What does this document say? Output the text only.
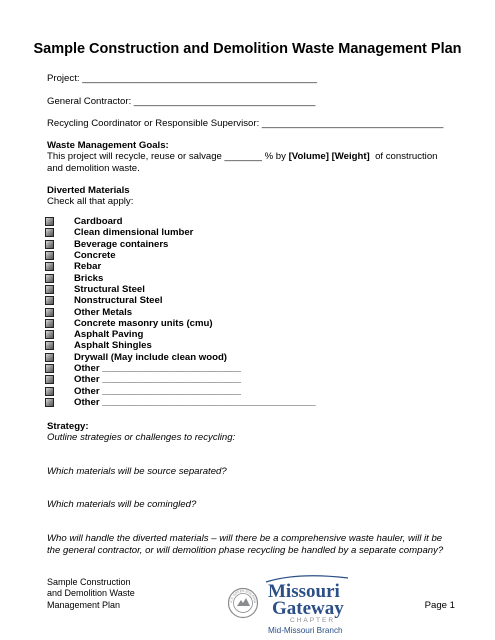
Sample Construction and Demolition Waste Management Plan
Project: ____________________________________________
General Contractor: __________________________________
Recycling Coordinator or Responsible Supervisor: __________________________________
Waste Management Goals:
This project will recycle, reuse or salvage _______ % by [Volume] [Weight]  of construction
and demolition waste.
Diverted Materials
Check all that apply:
Cardboard
Clean dimensional lumber
Beverage containers
Concrete
Rebar
Bricks
Structural Steel
Nonstructural Steel
Other Metals
Concrete masonry units (cmu)
Asphalt Paving
Asphalt Shingles
Drywall (May include clean wood)
Other __________________________
Other __________________________
Other __________________________
Other ________________________________________
Strategy:
Outline strategies or challenges to recycling:
Which materials will be source separated?
Which materials will be comingled?
Who will handle the diverted materials – will there be a comprehensive waste hauler, will it be
the general contractor, or will demolition phase recycling be handled by a separate company?
Sample Construction
and Demolition Waste
Management Plan	U.S. GREEN BUILDING Missouri
Gateway
CHAPTER
Mid-Missouri Branch
Page 1
